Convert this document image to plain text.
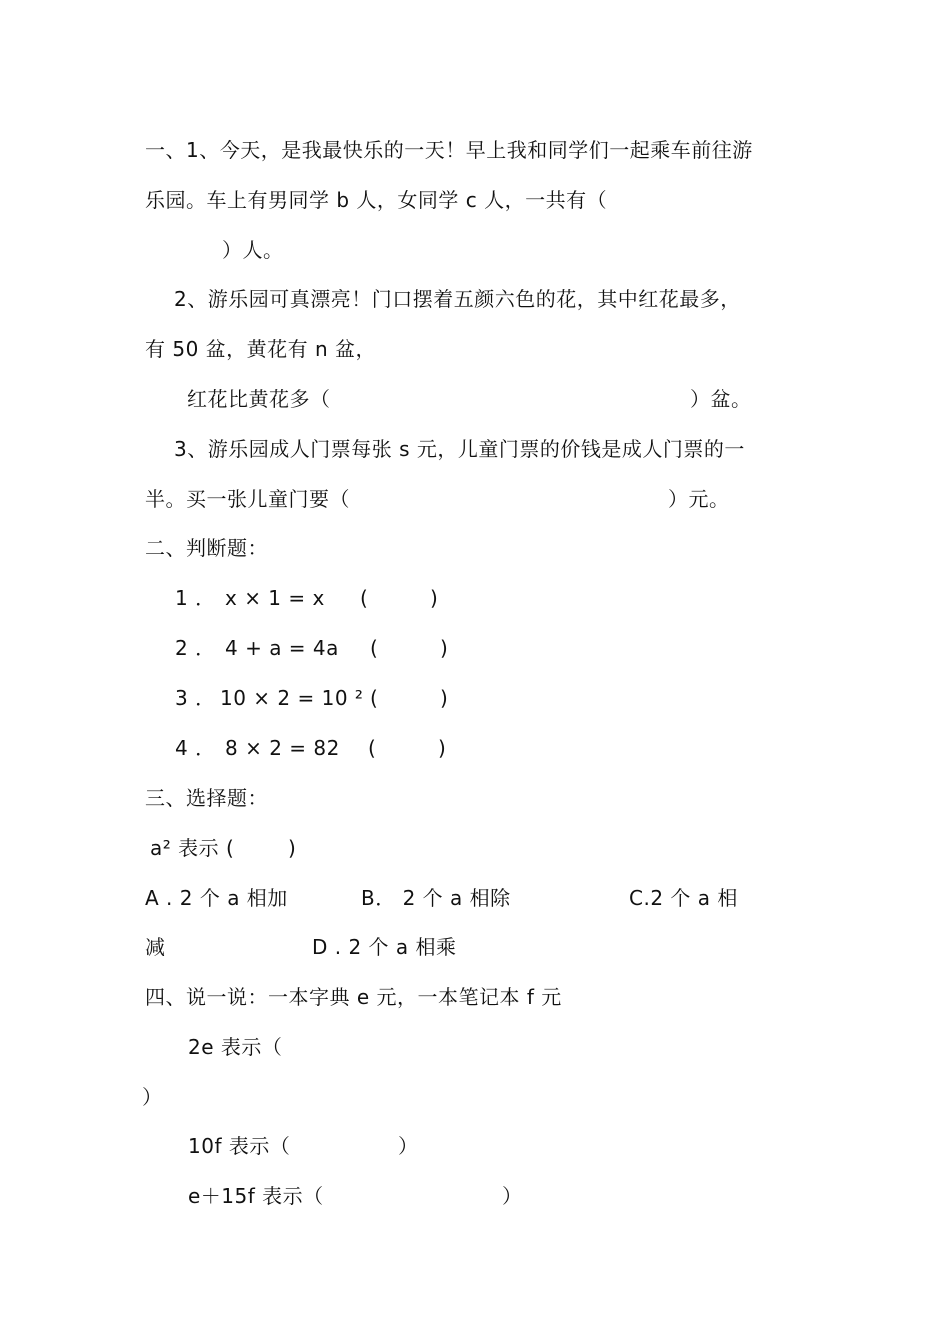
一、1、今天，是我最快乐的一天！早上我和同学们一起乘车前往游
乐园。车上有男同学 b 人，女同学 c 人，一共有（
）人。
2、游乐园可真漂亮！门口摆着五颜六色的花，其中红花最多，
有 50 盆，黄花有 n 盆，
红花比黄花多（	）盆。
3、游乐园成人门票每张 s 元，儿童门票的价钱是成人门票的一
半。买一张儿童门要（	）元。
二、判断题：
1 ． x × 1 = x (	)
2 ． 4 + a = 4a (	)
3 ． 10 × 2 = 10 ² (	)
4 ． 8 × 2 = 82 (	)
三、选择题：
a² 表示 (	)
A . 2 个 a 相加	B． 2 个 a 相除	C.2 个 a 相
减	D . 2 个 a 相乘
四、说一说：一本字典 e 元，一本笔记本 f 元
2e 表示（
）
10f 表示（	）
e＋15f 表示（	）
